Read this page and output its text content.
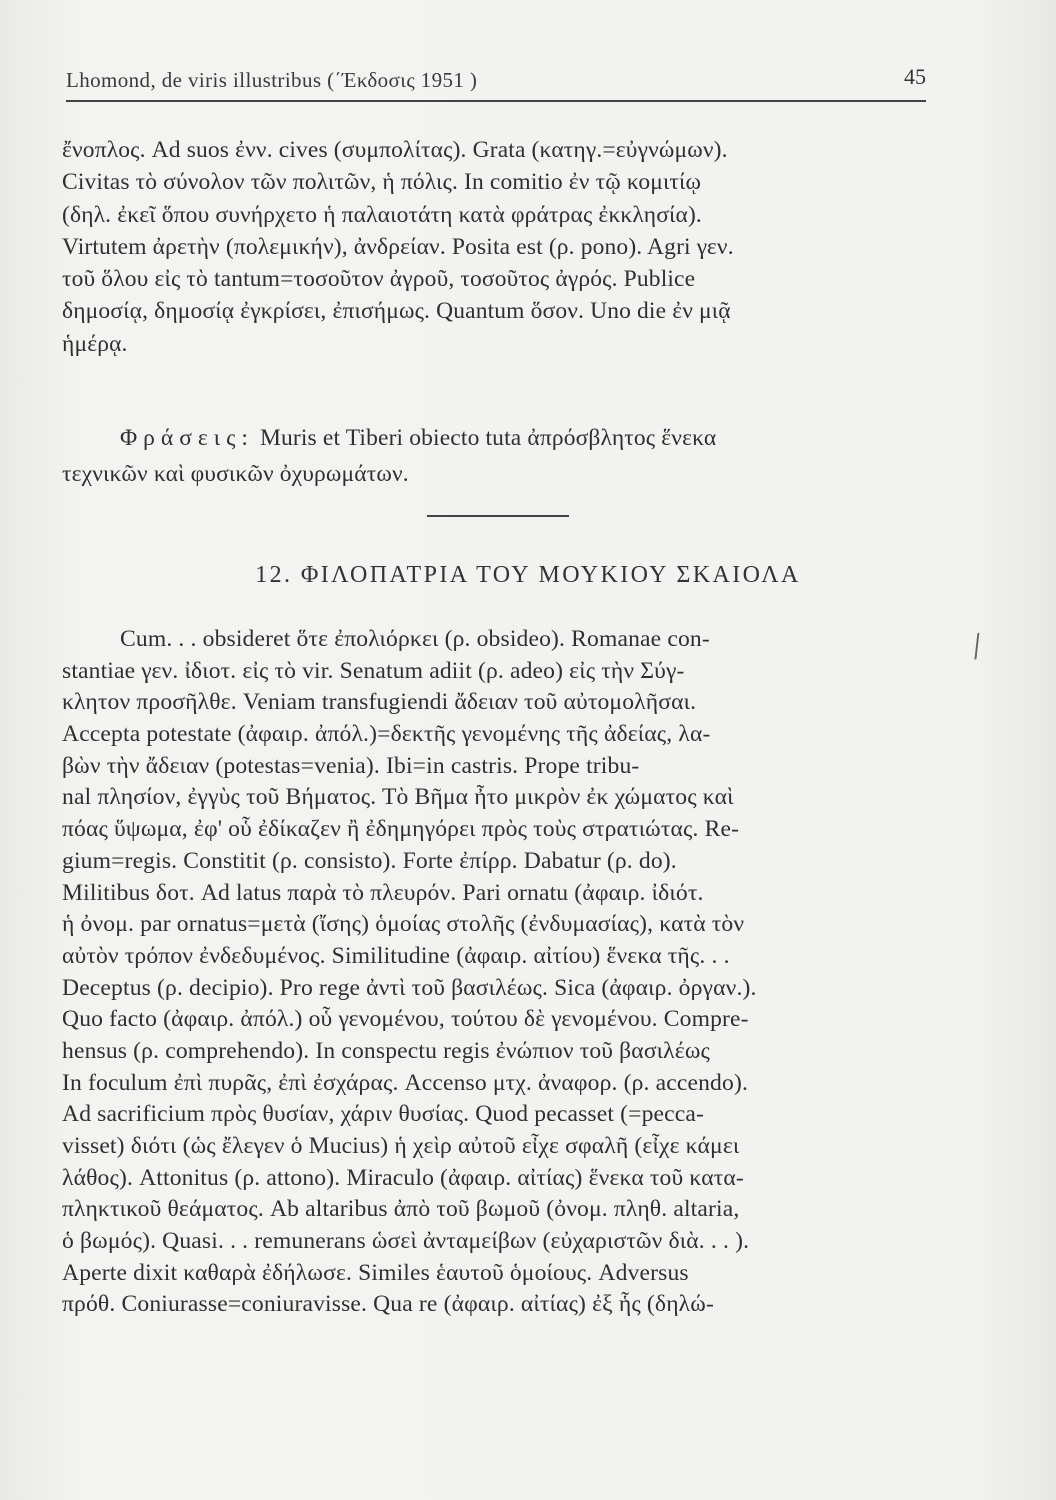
Lhomond, de viris illustribus (΄Έκδοσις 1951 )	45
ἔνοπλος. Ad suos ἐνν. cives (συμπολίτας). Grata (κατηγ.=εὐγνώμων).
Civitas τὸ σύνολον τῶν πολιτῶν, ἡ πόλις. In comitio ἐν τῷ κομιτίῳ
(δηλ. ἐκεῖ ὅπου συνήρχετο ἡ παλαιοτάτη κατὰ φράτρας ἐκκλησία).
Virtutem ἀρετὴν (πολεμικήν), ἀνδρείαν. Posita est (ρ. pono). Agri γεν.
τοῦ ὅλου εἰς τὸ tantum=τοσοῦτον ἀγροῦ, τοσοῦτος ἀγρός. Publice
δημοσίᾳ, δημοσίᾳ ἐγκρίσει, ἐπισήμως. Quantum ὅσον. Uno die ἐν μιᾷ
ἡμέρᾳ.
Φράσεις: Muris et Tiberi obiecto tuta ἀπρόσβλητος ἕνεκα
τεχνικῶν καὶ φυσικῶν ὀχυρωμάτων.
12. ΦΙΛΟΠΑΤΡΙΑ ΤΟΥ ΜΟΥΚΙΟΥ ΣΚΑΙΟΛΑ
Cum. . . obsideret ὅτε ἐπολιόρκει (ρ. obsideo). Romanae con-
stantiae γεν. ἰδιοτ. εἰς τὸ vir. Senatum adiit (ρ. adeo) εἰς τὴν Σύγ-
κλητον προσῆλθε. Veniam transfugiendi ἄδειαν τοῦ αὐτομολῆσαι.
Accepta potestate (ἀφαιρ. ἀπόλ.)=δεκτῆς γενομένης τῆς ἀδείας, λα-
βὼν τὴν ἄδειαν (potestas=venia). Ibi=in castris. Prope tribu-
nal πλησίον, ἐγγὺς τοῦ Βήματος. Τὸ Βῆμα ἦτο μικρὸν ἐκ χώματος καὶ
πόας ὕψωμα, ἐφ' οὗ ἐδίκαζεν ἢ ἐδημηγόρει πρὸς τοὺς στρατιώτας. Re-
gium=regis. Constitit (ρ. consisto). Forte ἐπίρρ. Dabatur (ρ. do).
Militibus δοτ. Ad latus παρὰ τὸ πλευρόν. Pari ornatu (ἀφαιρ. ἰδιότ.
ἡ ὀνομ. par ornatus=μετὰ (ἴσης) ὁμοίας στολῆς (ἐνδυμασίας), κατὰ τὸν
αὐτὸν τρόπον ἐνδεδυμένος. Similitudine (ἀφαιρ. αἰτίου) ἕνεκα τῆς. . .
Deceptus (ρ. decipio). Pro rege ἀντὶ τοῦ βασιλέως. Sica (ἀφαιρ. ὀργαν.).
Quo facto (ἀφαιρ. ἀπόλ.) οὗ γενομένου, τούτου δὲ γενομένου. Compre-
hensus (ρ. comprehendo). In conspectu regis ἐνώπιον τοῦ βασιλέως
In foculum ἐπὶ πυρᾶς, ἐπὶ ἐσχάρας. Accenso μτχ. ἀναφορ. (ρ. accendo).
Ad sacrificium πρὸς θυσίαν, χάριν θυσίας. Quod pecasset (=pecca-
visset) διότι (ὡς ἔλεγεν ὁ Mucius) ἡ χεὶρ αὐτοῦ εἶχε σφαλῆ (εἶχε κάμει
λάθος). Attonitus (ρ. attono). Miraculo (ἀφαιρ. αἰτίας) ἕνεκα τοῦ κατα-
πληκτικοῦ θεάματος. Ab altaribus ἀπὸ τοῦ βωμοῦ (ὀνομ. πληθ. altaria,
ὁ βωμός). Quasi. . . remunerans ὡσεὶ ἀνταμείβων (εὐχαριστῶν διὰ. . . ).
Aperte dixit καθαρὰ ἐδήλωσε. Similes ἑαυτοῦ ὁμοίους. Adversus
πρόθ. Coniurasse=coniuravisse. Qua re (ἀφαιρ. αἰτίας) ἐξ ἧς (δηλώ-
⁄
